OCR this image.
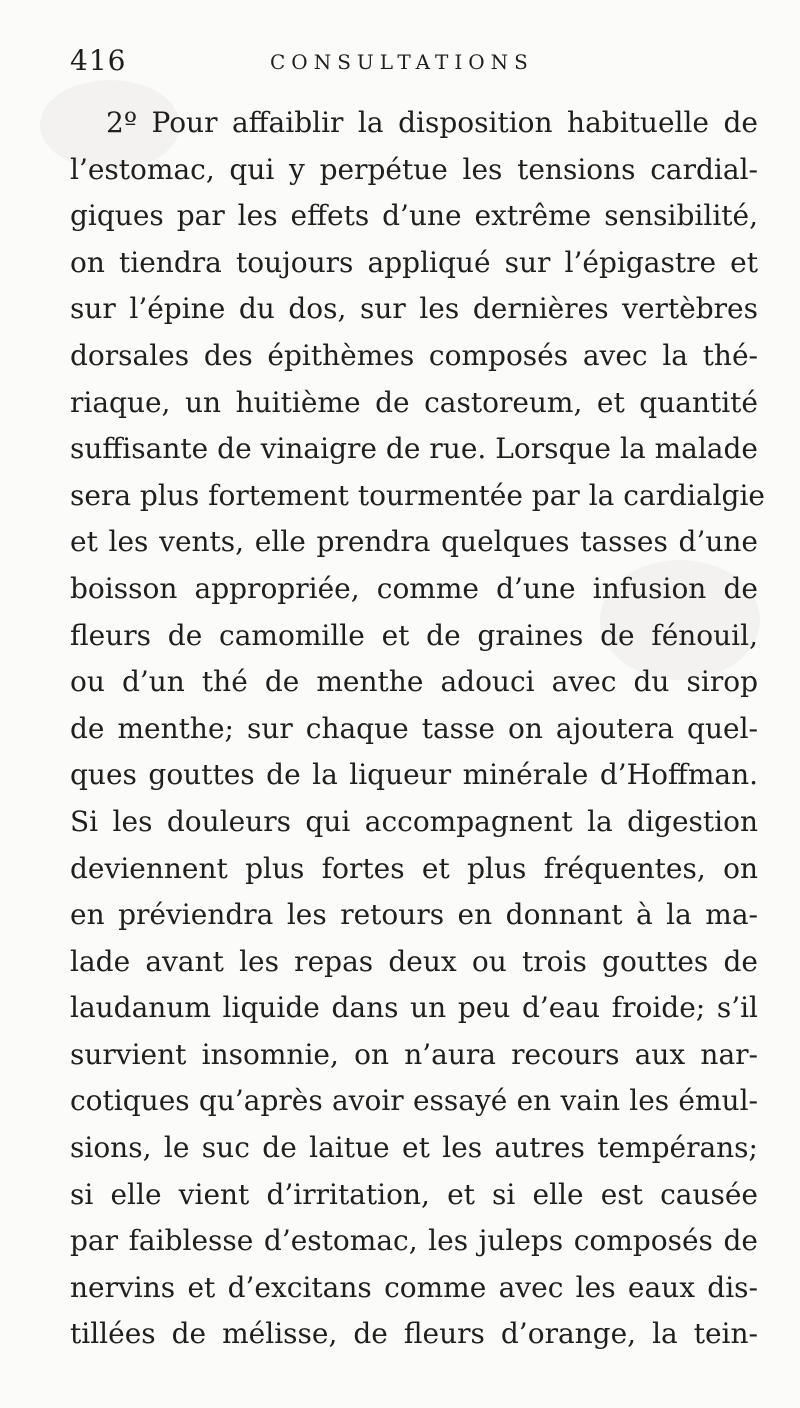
416	CONSULTATIONS
2º Pour affaiblir la disposition habituelle de
l’estomac, qui y perpétue les tensions cardial-
giques par les effets d’une extrême sensibilité,
on tiendra toujours appliqué sur l’épigastre et
sur l’épine du dos, sur les dernières vertèbres
dorsales des épithèmes composés avec la thé-
riaque, un huitième de castoreum, et quantité
suffisante de vinaigre de rue. Lorsque la malade
sera plus fortement tourmentée par la cardialgie
et les vents, elle prendra quelques tasses d’une
boisson appropriée, comme d’une infusion de
fleurs de camomille et de graines de fénouil,
ou d’un thé de menthe adouci avec du sirop
de menthe; sur chaque tasse on ajoutera quel-
ques gouttes de la liqueur minérale d’Hoffman.
Si les douleurs qui accompagnent la digestion
deviennent plus fortes et plus fréquentes, on
en préviendra les retours en donnant à la ma-
lade avant les repas deux ou trois gouttes de
laudanum liquide dans un peu d’eau froide; s’il
survient insomnie, on n’aura recours aux nar-
cotiques qu’après avoir essayé en vain les émul-
sions, le suc de laitue et les autres tempérans;
si elle vient d’irritation, et si elle est causée
par faiblesse d’estomac, les juleps composés de
nervins et d’excitans comme avec les eaux dis-
tillées de mélisse, de fleurs d’orange, la tein-
